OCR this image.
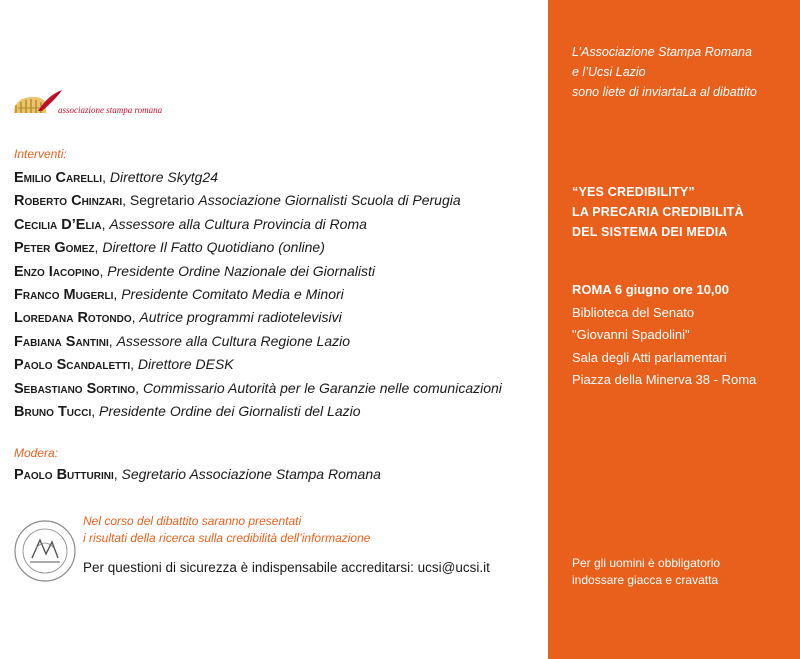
associazione stampa romana
Interventi:
Emilio Carelli, Direttore Skytg24
Roberto Chinzari, Segretario Associazione Giornalisti Scuola di Perugia
Cecilia D’Elia, Assessore alla Cultura Provincia di Roma
Peter Gomez, Direttore Il Fatto Quotidiano (online)
Enzo Iacopino, Presidente Ordine Nazionale dei Giornalisti
Franco Mugerli, Presidente Comitato Media e Minori
Loredana Rotondo, Autrice programmi radiotelevisivi
Fabiana Santini, Assessore alla Cultura Regione Lazio
Paolo Scandaletti, Direttore DESK
Sebastiano Sortino, Commissario Autorità per le Garanzie nelle comunicazioni
Bruno Tucci, Presidente Ordine dei Giornalisti del Lazio
Modera:
Paolo Butturini, Segretario Associazione Stampa Romana
Nel corso del dibattito saranno presentati
i risultati della ricerca sulla credibilità dell’informazione
Per questioni di sicurezza è indispensabile accreditarsi: ucsi@ucsi.it
L’Associazione Stampa Romana
e l’Ucsi Lazio
sono liete di inviartaLa al dibattito
“YES CREDIBILITY”
LA PRECARIA CREDIBILITÀ
DEL SISTEMA DEI MEDIA
ROMA 6 giugno ore 10,00
Biblioteca del Senato
"Giovanni Spadolini"
Sala degli Atti parlamentari
Piazza della Minerva 38 - Roma
Per gli uomini è obbligatorio
indossare giacca e cravatta
